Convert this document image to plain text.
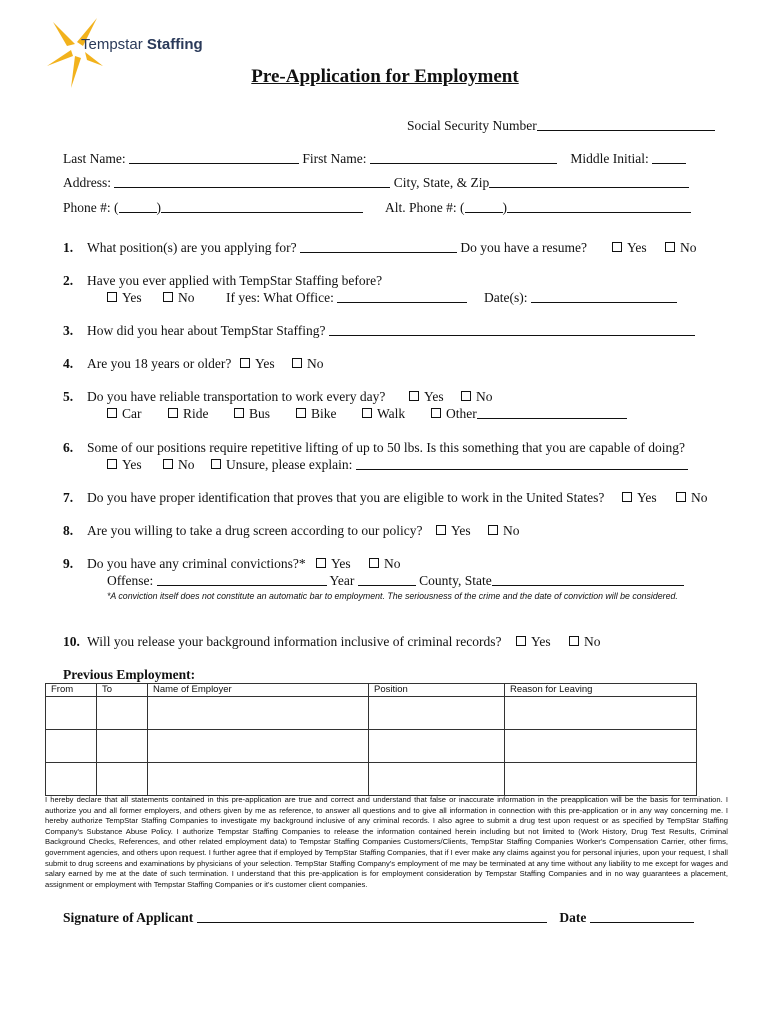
Tempstar Staffing
Pre-Application for Employment
Social Security Number
Last Name:	First Name:	Middle Initial:
Address:	City, State, & Zip
Phone #: (	)	Alt. Phone #: (	)
1. What position(s) are you applying for?	Do you have a resume?	Yes	No
2. Have you ever applied with TempStar Staffing before?
Yes	No If yes: What Office:	Date(s):
3. How did you hear about TempStar Staffing?
4. Are you 18 years or older?	Yes	No
5. Do you have reliable transportation to work every day?	Yes	No
Car	Ride	Bus	Bike	Walk	Other
6. Some of our positions require repetitive lifting of up to 50 lbs. Is this something that you are capable of doing?
Yes	No	Unsure, please explain:
7. Do you have proper identification that proves that you are eligible to work in the United States?	Yes	No
8. Are you willing to take a drug screen according to our policy?	Yes	No
9. Do you have any criminal convictions?*	Yes	No
Offense:	Year	County, State
*A conviction itself does not constitute an automatic bar to employment. The seriousness of the crime and the date of conviction will be considered.
10. Will you release your background information inclusive of criminal records?	Yes	No
Previous Employment:
From	To	Name of Employer	Position	Reason for Leaving

I hereby declare that all statements contained in this pre-application are true and correct and understand that false or inaccurate information in the preapplication will be the basis for termination. I authorize you and all former employers, and others given by me as reference, to answer all questions and to give all information in connection with this pre-application or in any way concerning me. I hereby authorize TempStar Staffing Companies to investigate my background inclusive of any criminal records. I also agree to submit a drug test upon request or as specified by TempStar Staffing Company's Substance Abuse Policy. I authorize Tempstar Staffing Companies to release the information contained herein including but not limited to (Work History, Drug Test Results, Criminal Background Checks, References, and other related employment data) to Tempstar Staffing Companies Customers/Clients, TempStar Staffing Companies Worker's Compensation Carrier, other firms, government agencies, and others upon request. I further agree that if employed by TempStar Staffing Companies, that if I ever make any claims against you for personal injuries, upon your request, I shall submit to drug screens and examinations by physicians of your selection. TempStar Staffing Company's employment of me may be terminated at any time without any liability to me except for wages and salary earned by me at the date of such termination. I understand that this pre-application is for employment consideration by Tempstar Staffing Companies and in no way guarantees a placement, assignment or employment with Tempstar Staffing Companies or it's customer client companies.
Signature of Applicant	Date
